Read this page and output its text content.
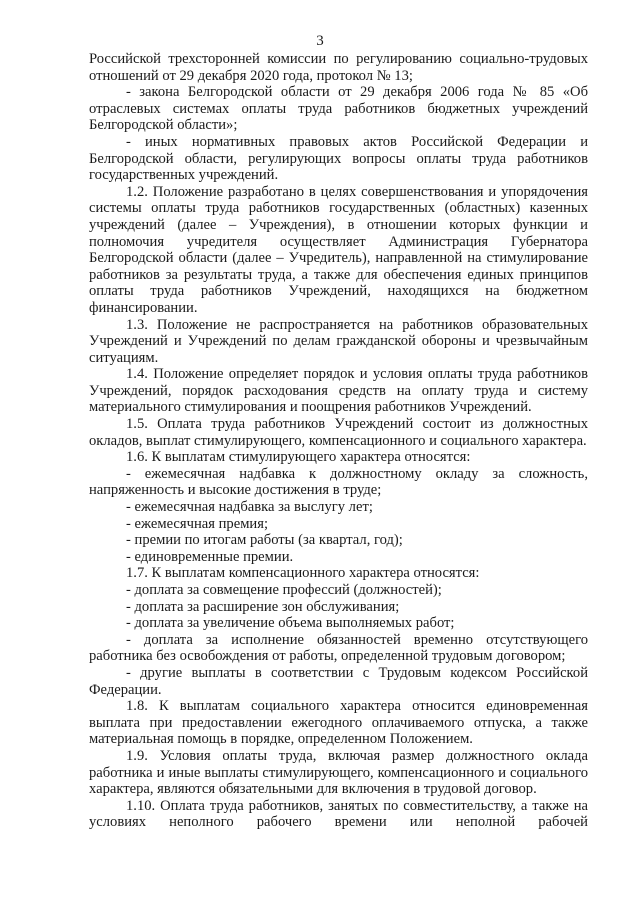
3

Российской трехсторонней комиссии по регулированию социально-трудовых отношений от 29 декабря 2020 года, протокол № 13;

- закона Белгородской области от 29 декабря 2006 года № 85 «Об отраслевых системах оплаты труда работников бюджетных учреждений Белгородской области»;

- иных нормативных правовых актов Российской Федерации и Белгородской области, регулирующих вопросы оплаты труда работников государственных учреждений.

1.2. Положение разработано в целях совершенствования и упорядочения системы оплаты труда работников государственных (областных) казенных учреждений (далее – Учреждения), в отношении которых функции и полномочия учредителя осуществляет Администрация Губернатора Белгородской области (далее – Учредитель), направленной на стимулирование работников за результаты труда, а также для обеспечения единых принципов оплаты труда работников Учреждений, находящихся на бюджетном финансировании.

1.3. Положение не распространяется на работников образовательных Учреждений и Учреждений по делам гражданской обороны и чрезвычайным ситуациям.

1.4. Положение определяет порядок и условия оплаты труда работников Учреждений, порядок расходования средств на оплату труда и систему материального стимулирования и поощрения работников Учреждений.

1.5. Оплата труда работников Учреждений состоит из должностных окладов, выплат стимулирующего, компенсационного и социального характера.

1.6. К выплатам стимулирующего характера относятся:

- ежемесячная надбавка к должностному окладу за сложность, напряженность и высокие достижения в труде;

- ежемесячная надбавка за выслугу лет;

- ежемесячная премия;

- премии по итогам работы (за квартал, год);

- единовременные премии.

1.7. К выплатам компенсационного характера относятся:

- доплата за совмещение профессий (должностей);

- доплата за расширение зон обслуживания;

- доплата за увеличение объема выполняемых работ;

- доплата за исполнение обязанностей временно отсутствующего работника без освобождения от работы, определенной трудовым договором;

- другие выплаты в соответствии с Трудовым кодексом Российской Федерации.

1.8. К выплатам социального характера относится единовременная выплата при предоставлении ежегодного оплачиваемого отпуска, а также материальная помощь в порядке, определенном Положением.

1.9. Условия оплаты труда, включая размер должностного оклада работника и иные выплаты стимулирующего, компенсационного и социального характера, являются обязательными для включения в трудовой договор.

1.10. Оплата труда работников, занятых по совместительству, а также на условиях неполного рабочего времени или неполной рабочей
